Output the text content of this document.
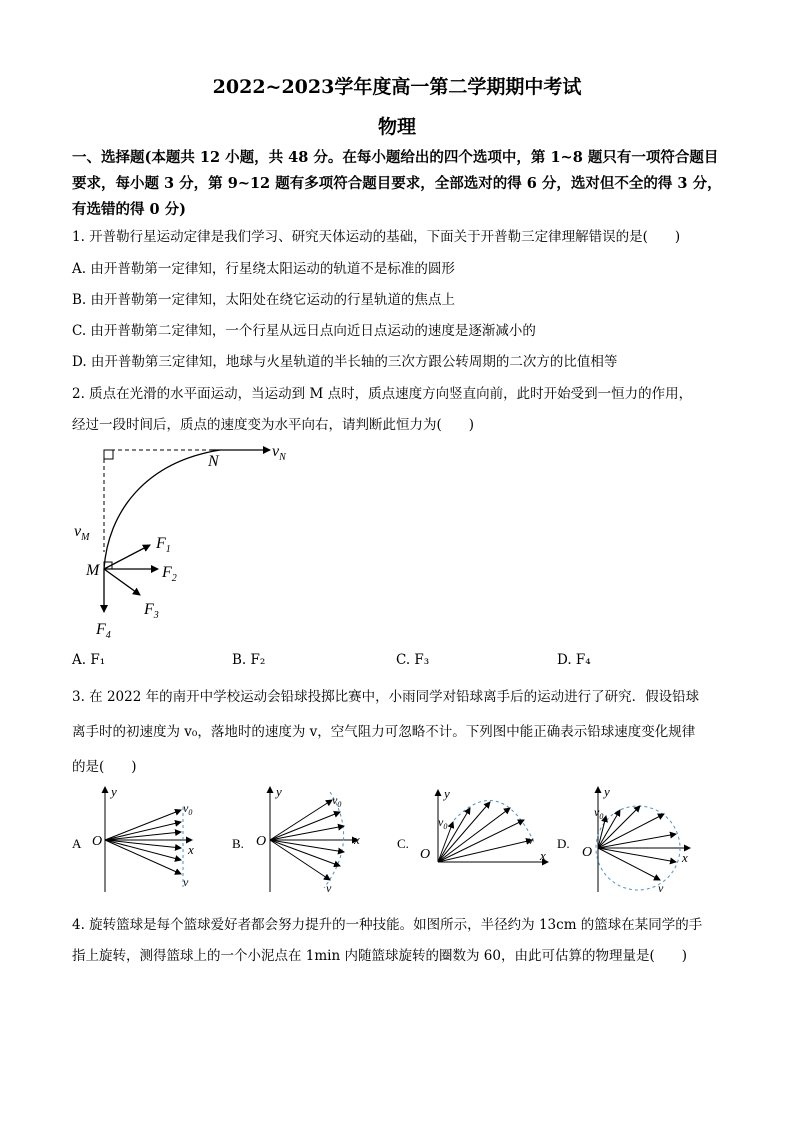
2022~2023学年度高一第二学期期中考试
物理
一、选择题(本题共 12 小题，共 48 分。在每小题给出的四个选项中，第 1~8 题只有一项符合题目要求，每小题 3 分，第 9~12 题有多项符合题目要求，全部选对的得 6 分，选对但不全的得 3 分，有选错的得 0 分)
1. 开普勒行星运动定律是我们学习、研究天体运动的基础，下面关于开普勒三定律理解错误的是(　　)
A. 由开普勒第一定律知，行星绕太阳运动的轨道不是标准的圆形
B. 由开普勒第一定律知，太阳处在绕它运动的行星轨道的焦点上
C. 由开普勒第二定律知，一个行星从远日点向近日点运动的速度是逐渐减小的
D. 由开普勒第三定律知，地球与火星轨道的半长轴的三次方跟公转周期的二次方的比值相等
2. 质点在光滑的水平面运动，当运动到 M 点时，质点速度方向竖直向前，此时开始受到一恒力的作用，
经过一段时间后，质点的速度变为水平向右，请判断此恒力为(　　)
$v_N$
N
$v_M$
M
$F_1$
$F_2$
$F_3$
$F_4$
A. F₁	B. F₂	C. F₃	D. F₄
3. 在 2022 年的南开中学校运动会铅球投掷比赛中，小雨同学对铅球离手后的运动进行了研究．假设铅球
离手时的初速度为 v₀，落地时的速度为 v，空气阻力可忽略不计。下列图中能正确表示铅球速度变化规律
的是(　　)
A O
y
x
$v_0$
v
B. O
y
x
$v_0$
v
C.
O
y
x
$v_0$
v D.
O
y
x
$v_0$
v
4. 旋转篮球是每个篮球爱好者都会努力提升的一种技能。如图所示，半径约为 13cm 的篮球在某同学的手
指上旋转，测得篮球上的一个小泥点在 1min 内随篮球旋转的圈数为 60，由此可估算的物理量是(　　)
